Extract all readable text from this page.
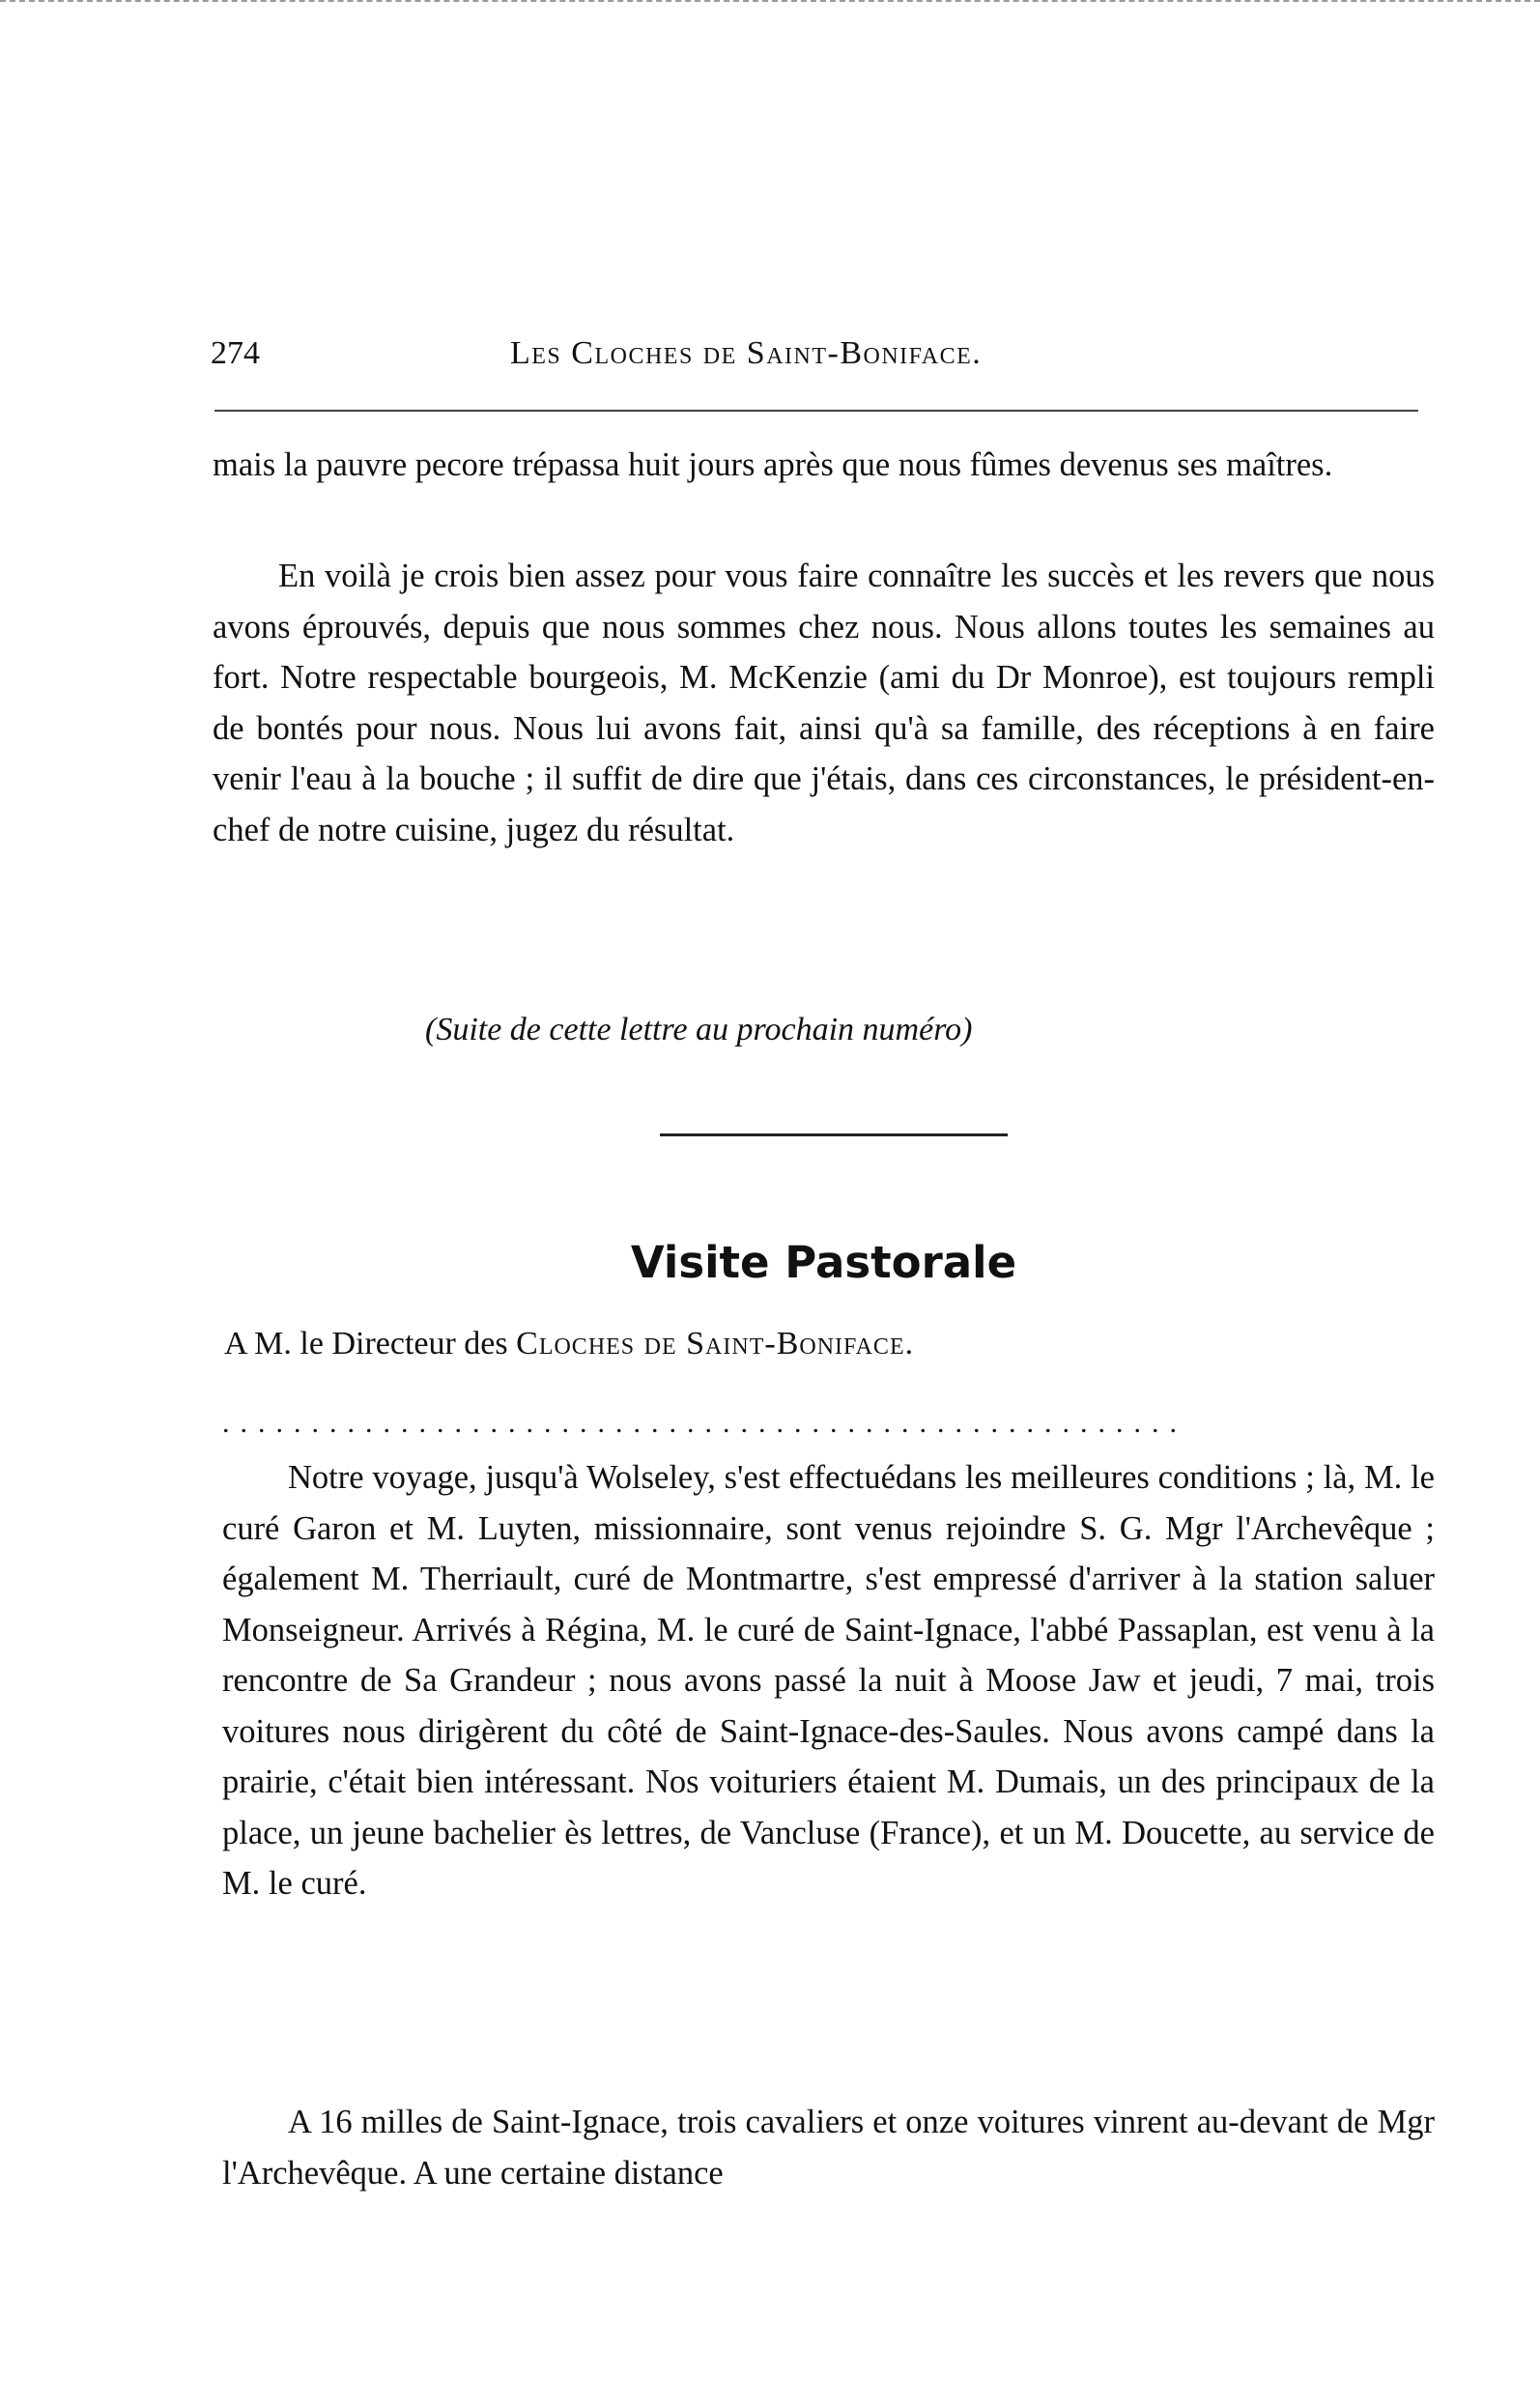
274	Les Cloches de Saint-Boniface.

mais la pauvre pecore trépassa huit jours après que nous fûmes devenus ses maîtres.

En voilà je crois bien assez pour vous faire connaître les succès et les revers que nous avons éprouvés, depuis que nous sommes chez nous. Nous allons toutes les semaines au fort. Notre respectable bourgeois, M. McKenzie (ami du Dr Monroe), est toujours rempli de bontés pour nous. Nous lui avons fait, ainsi qu'à sa famille, des réceptions à en faire venir l'eau à la bouche ; il suffit de dire que j'étais, dans ces circonstances, le président-en-chef de notre cuisine, jugez du résultat.

(Suite de cette lettre au prochain numéro)
Visite Pastorale
A M. le Directeur des Cloches de Saint-Boniface.
......................................................

Notre voyage, jusqu'à Wolseley, s'est effectuédans les meilleures conditions ; là, M. le curé Garon et M. Luyten, missionnaire, sont venus rejoindre S. G. Mgr l'Archevêque ; également M. Therriault, curé de Montmartre, s'est empressé d'arriver à la station saluer Monseigneur. Arrivés à Régina, M. le curé de Saint-Ignace, l'abbé Passaplan, est venu à la rencontre de Sa Grandeur ; nous avons passé la nuit à Moose Jaw et jeudi, 7 mai, trois voitures nous dirigèrent du côté de Saint-Ignace-des-Saules. Nous avons campé dans la prairie, c'était bien intéressant. Nos voituriers étaient M. Dumais, un des principaux de la place, un jeune bachelier ès lettres, de Vancluse (France), et un M. Doucette, au service de M. le curé.

A 16 milles de Saint-Ignace, trois cavaliers et onze voitures vinrent au-devant de Mgr l'Archevêque. A une certaine distance
